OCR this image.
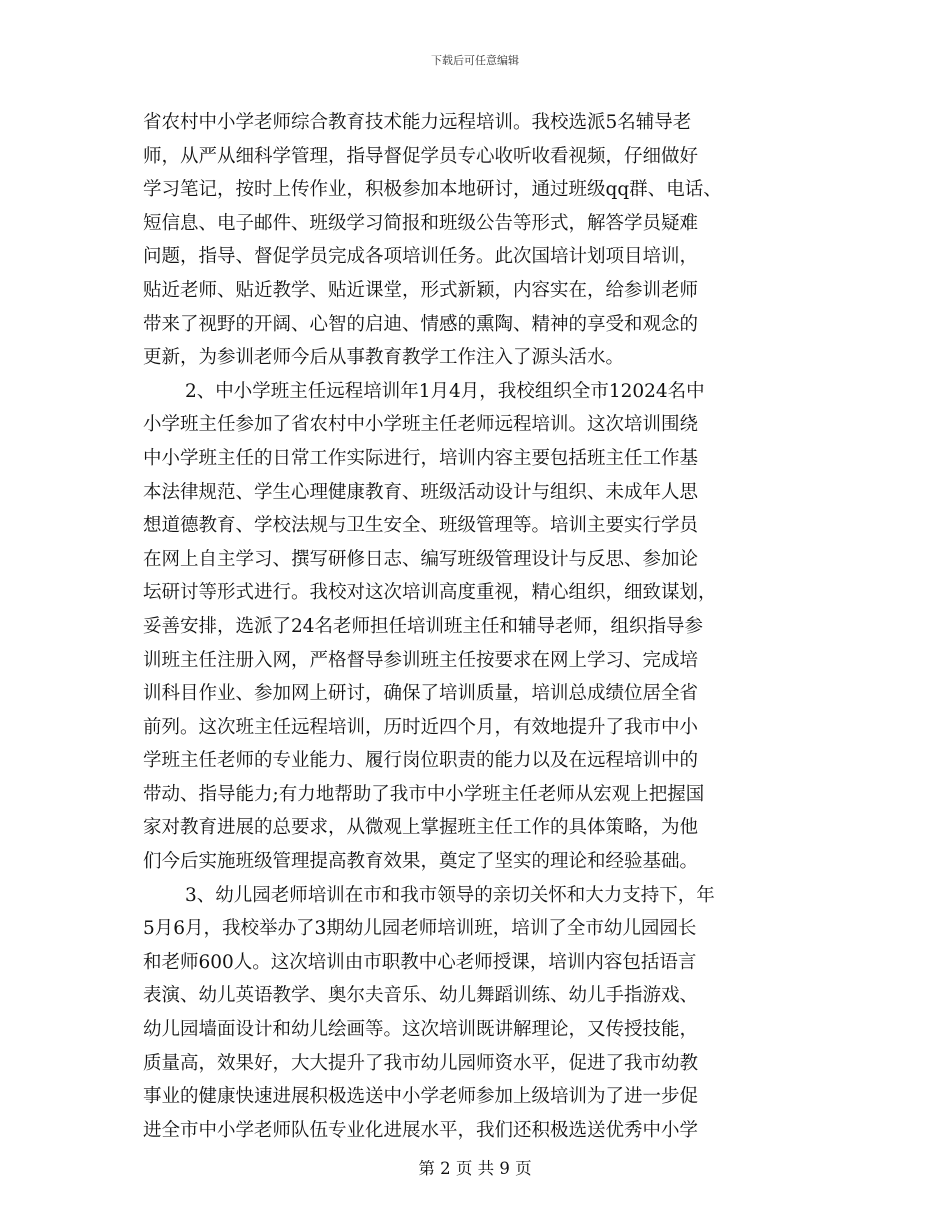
下载后可任意编辑
省农村中小学老师综合教育技术能力远程培训。我校选派5名辅导老
师，从严从细科学管理，指导督促学员专心收听收看视频，仔细做好
学习笔记，按时上传作业，积极参加本地研讨，通过班级qq群、电话、
短信息、电子邮件、班级学习简报和班级公告等形式，解答学员疑难
问题，指导、督促学员完成各项培训任务。此次国培计划项目培训，
贴近老师、贴近教学、贴近课堂，形式新颖，内容实在，给参训老师
带来了视野的开阔、心智的启迪、情感的熏陶、精神的享受和观念的
更新，为参训老师今后从事教育教学工作注入了源头活水。
2、中小学班主任远程培训年1月4月，我校组织全市12024名中
小学班主任参加了省农村中小学班主任老师远程培训。这次培训围绕
中小学班主任的日常工作实际进行，培训内容主要包括班主任工作基
本法律规范、学生心理健康教育、班级活动设计与组织、未成年人思
想道德教育、学校法规与卫生安全、班级管理等。培训主要实行学员
在网上自主学习、撰写研修日志、编写班级管理设计与反思、参加论
坛研讨等形式进行。我校对这次培训高度重视，精心组织，细致谋划，
妥善安排，选派了24名老师担任培训班主任和辅导老师，组织指导参
训班主任注册入网，严格督导参训班主任按要求在网上学习、完成培
训科目作业、参加网上研讨，确保了培训质量，培训总成绩位居全省
前列。这次班主任远程培训，历时近四个月，有效地提升了我市中小
学班主任老师的专业能力、履行岗位职责的能力以及在远程培训中的
带动、指导能力;有力地帮助了我市中小学班主任老师从宏观上把握国
家对教育进展的总要求，从微观上掌握班主任工作的具体策略，为他
们今后实施班级管理提高教育效果，奠定了坚实的理论和经验基础。
3、幼儿园老师培训在市和我市领导的亲切关怀和大力支持下，年
5月6月，我校举办了3期幼儿园老师培训班，培训了全市幼儿园园长
和老师600人。这次培训由市职教中心老师授课，培训内容包括语言
表演、幼儿英语教学、奥尔夫音乐、幼儿舞蹈训练、幼儿手指游戏、
幼儿园墙面设计和幼儿绘画等。这次培训既讲解理论，又传授技能，
质量高，效果好，大大提升了我市幼儿园师资水平，促进了我市幼教
事业的健康快速进展积极选送中小学老师参加上级培训为了进一步促
进全市中小学老师队伍专业化进展水平，我们还积极选送优秀中小学
第 2 页 共 9 页
